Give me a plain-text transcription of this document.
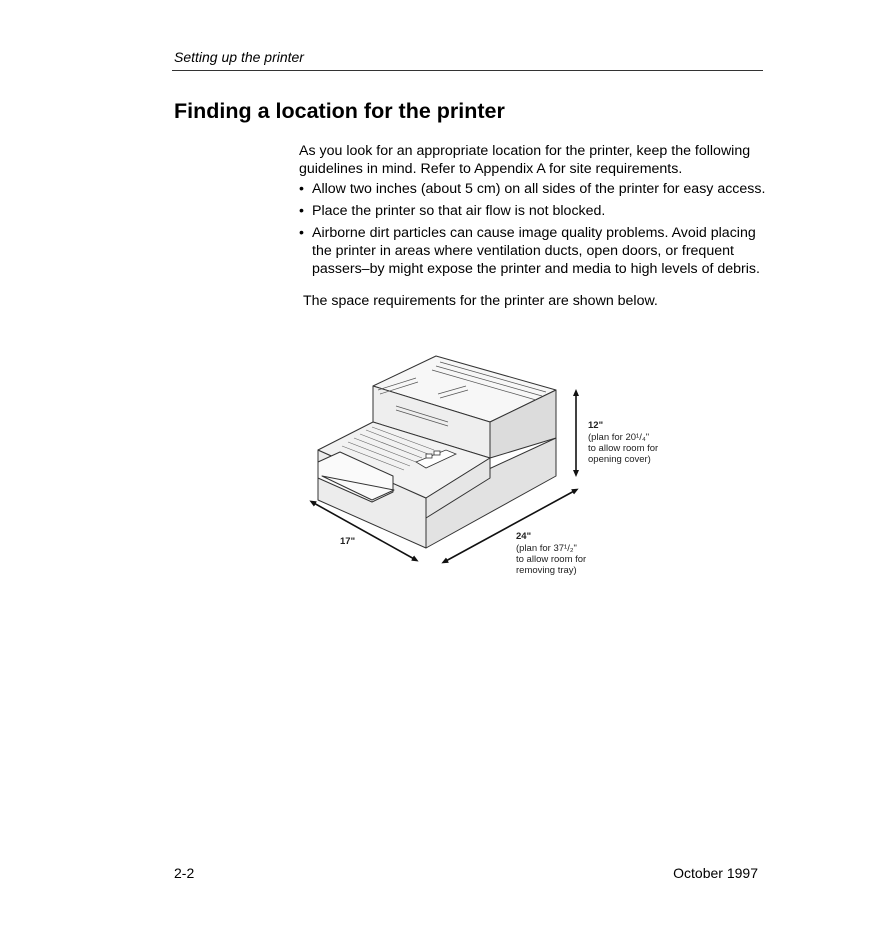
Setting up the printer
Finding a location for the printer

As you look for an appropriate location for the printer, keep the following guidelines in mind. Refer to Appendix A for site requirements.

• Allow two inches (about 5 cm) on all sides of the printer for easy access.
• Place the printer so that air flow is not blocked.
• Airborne dirt particles can cause image quality problems. Avoid placing the printer in areas where ventilation ducts, open doors, or frequent passers–by might expose the printer and media to high levels of debris.

The space requirements for the printer are shown below.

12"
(plan for 20¹/₄"
to allow room for
opening cover)
17"	24"
(plan for 37¹/₂"
to allow room for
removing tray)
2-2	October 1997
